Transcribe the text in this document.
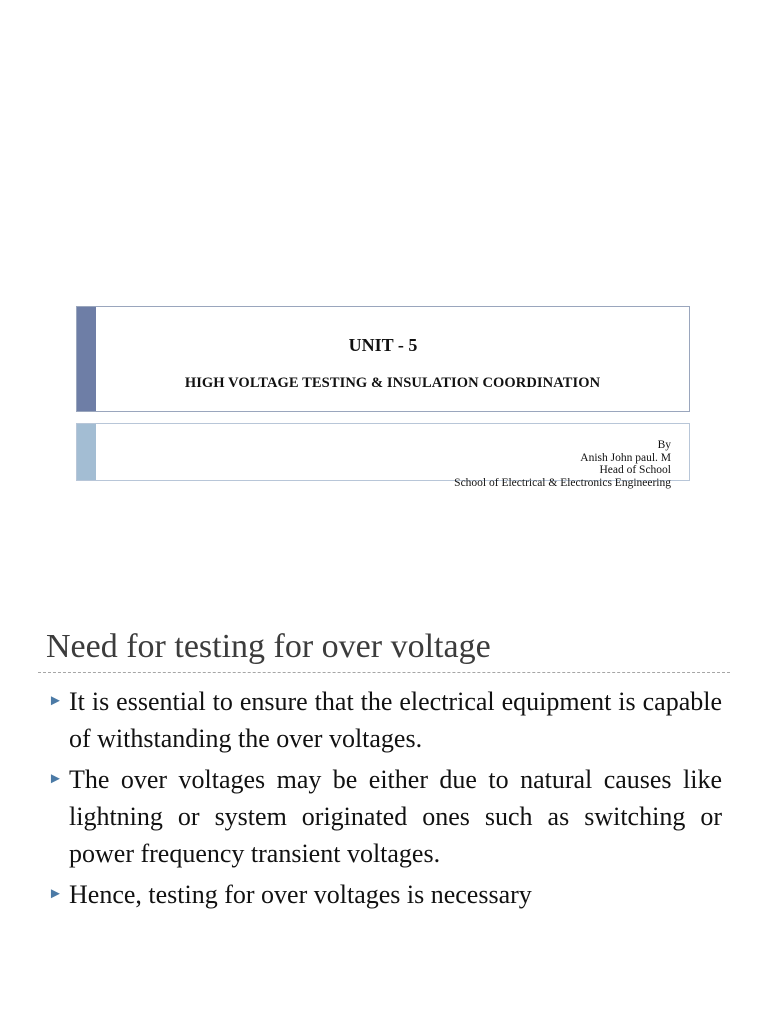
UNIT - 5
HIGH VOLTAGE TESTING & INSULATION COORDINATION
By
Anish John paul. M
Head of School
School of Electrical & Electronics Engineering
Need for testing for over voltage
► It is essential to ensure that the electrical equipment is capable of withstanding the over voltages.
► The over voltages may be either due to natural causes like lightning or system originated ones such as switching or power frequency transient voltages.
► Hence, testing for over voltages is necessary
